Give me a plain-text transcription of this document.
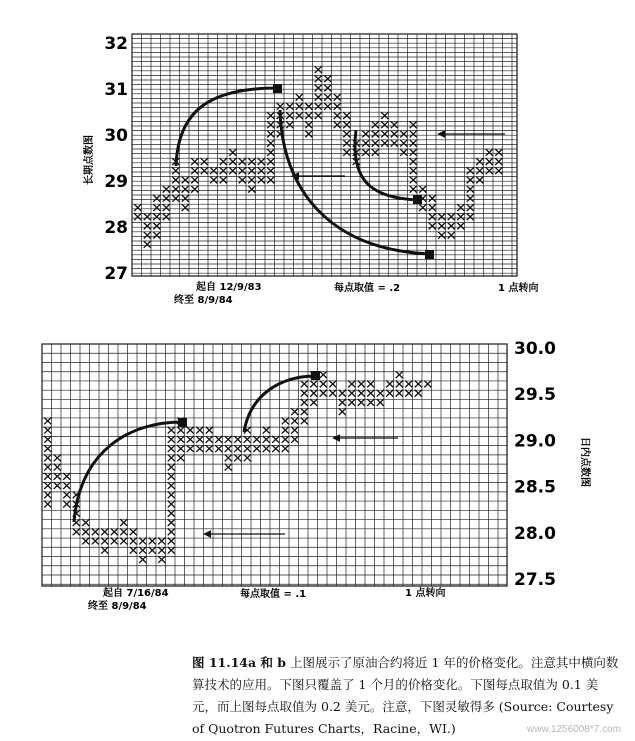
32
31
30
29
28
27
长期点数图
起自 12/9/83
终至 8/9/84
每点取值 = .2	1 点转向
30.0
29.5
29.0
28.5
28.0
27.5
日内点数图
起自 7/16/84
终至 8/9/84
每点取值 = .1	1 点转向
图 11.14a 和 b 上图展示了原油合约将近 1 年的价格变化。注意其中横向数算技术的应用。下图只覆盖了 1 个月的价格变化。下图每点取值为 0.1 美元，而上图每点取值为 0.2 美元。注意，下图灵敏得多 (Source: Courtesy of Quotron Futures Charts，Racine，WI.)	www.1256008*7.com
